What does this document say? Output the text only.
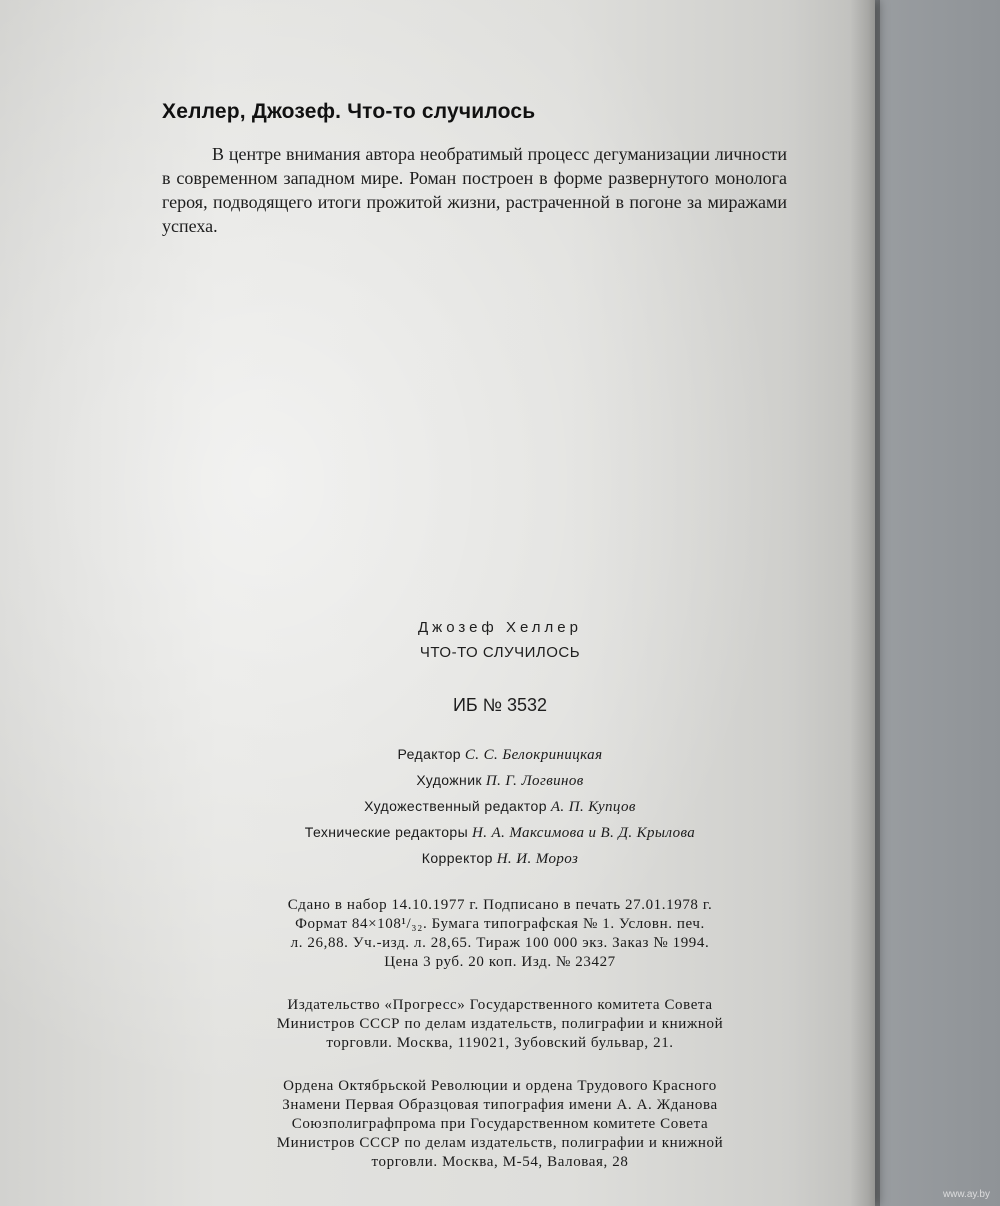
Хеллер, Джозеф. Что-то случилось

В центре внимания автора необратимый процесс дегуманизации личности в современном западном мире. Роман построен в форме развернутого монолога героя, подводящего итоги прожитой жизни, растраченной в погоне за миражами успеха.

Джозеф Хеллер
ЧТО-ТО СЛУЧИЛОСЬ
ИБ № 3532
Редактор С. С. Белокриницкая
Художник П. Г. Логвинов
Художественный редактор А. П. Купцов
Технические редакторы Н. А. Максимова и В. Д. Крылова
Корректор Н. И. Мороз
Сдано в набор 14.10.1977 г. Подписано в печать 27.01.1978 г.
Формат 84×108¹/₃₂. Бумага типографская № 1. Условн. печ.
л. 26,88. Уч.-изд. л. 28,65. Тираж 100 000 экз. Заказ № 1994.
Цена 3 руб. 20 коп. Изд. № 23427
Издательство «Прогресс» Государственного комитета Совета
Министров СССР по делам издательств, полиграфии и книжной
торговли. Москва, 119021, Зубовский бульвар, 21.
Ордена Октябрьской Революции и ордена Трудового Красного
Знамени Первая Образцовая типография имени А. А. Жданова
Союзполиграфпрома при Государственном комитете Совета
Министров СССР по делам издательств, полиграфии и книжной
торговли. Москва, М-54, Валовая, 28
www.ay.by
